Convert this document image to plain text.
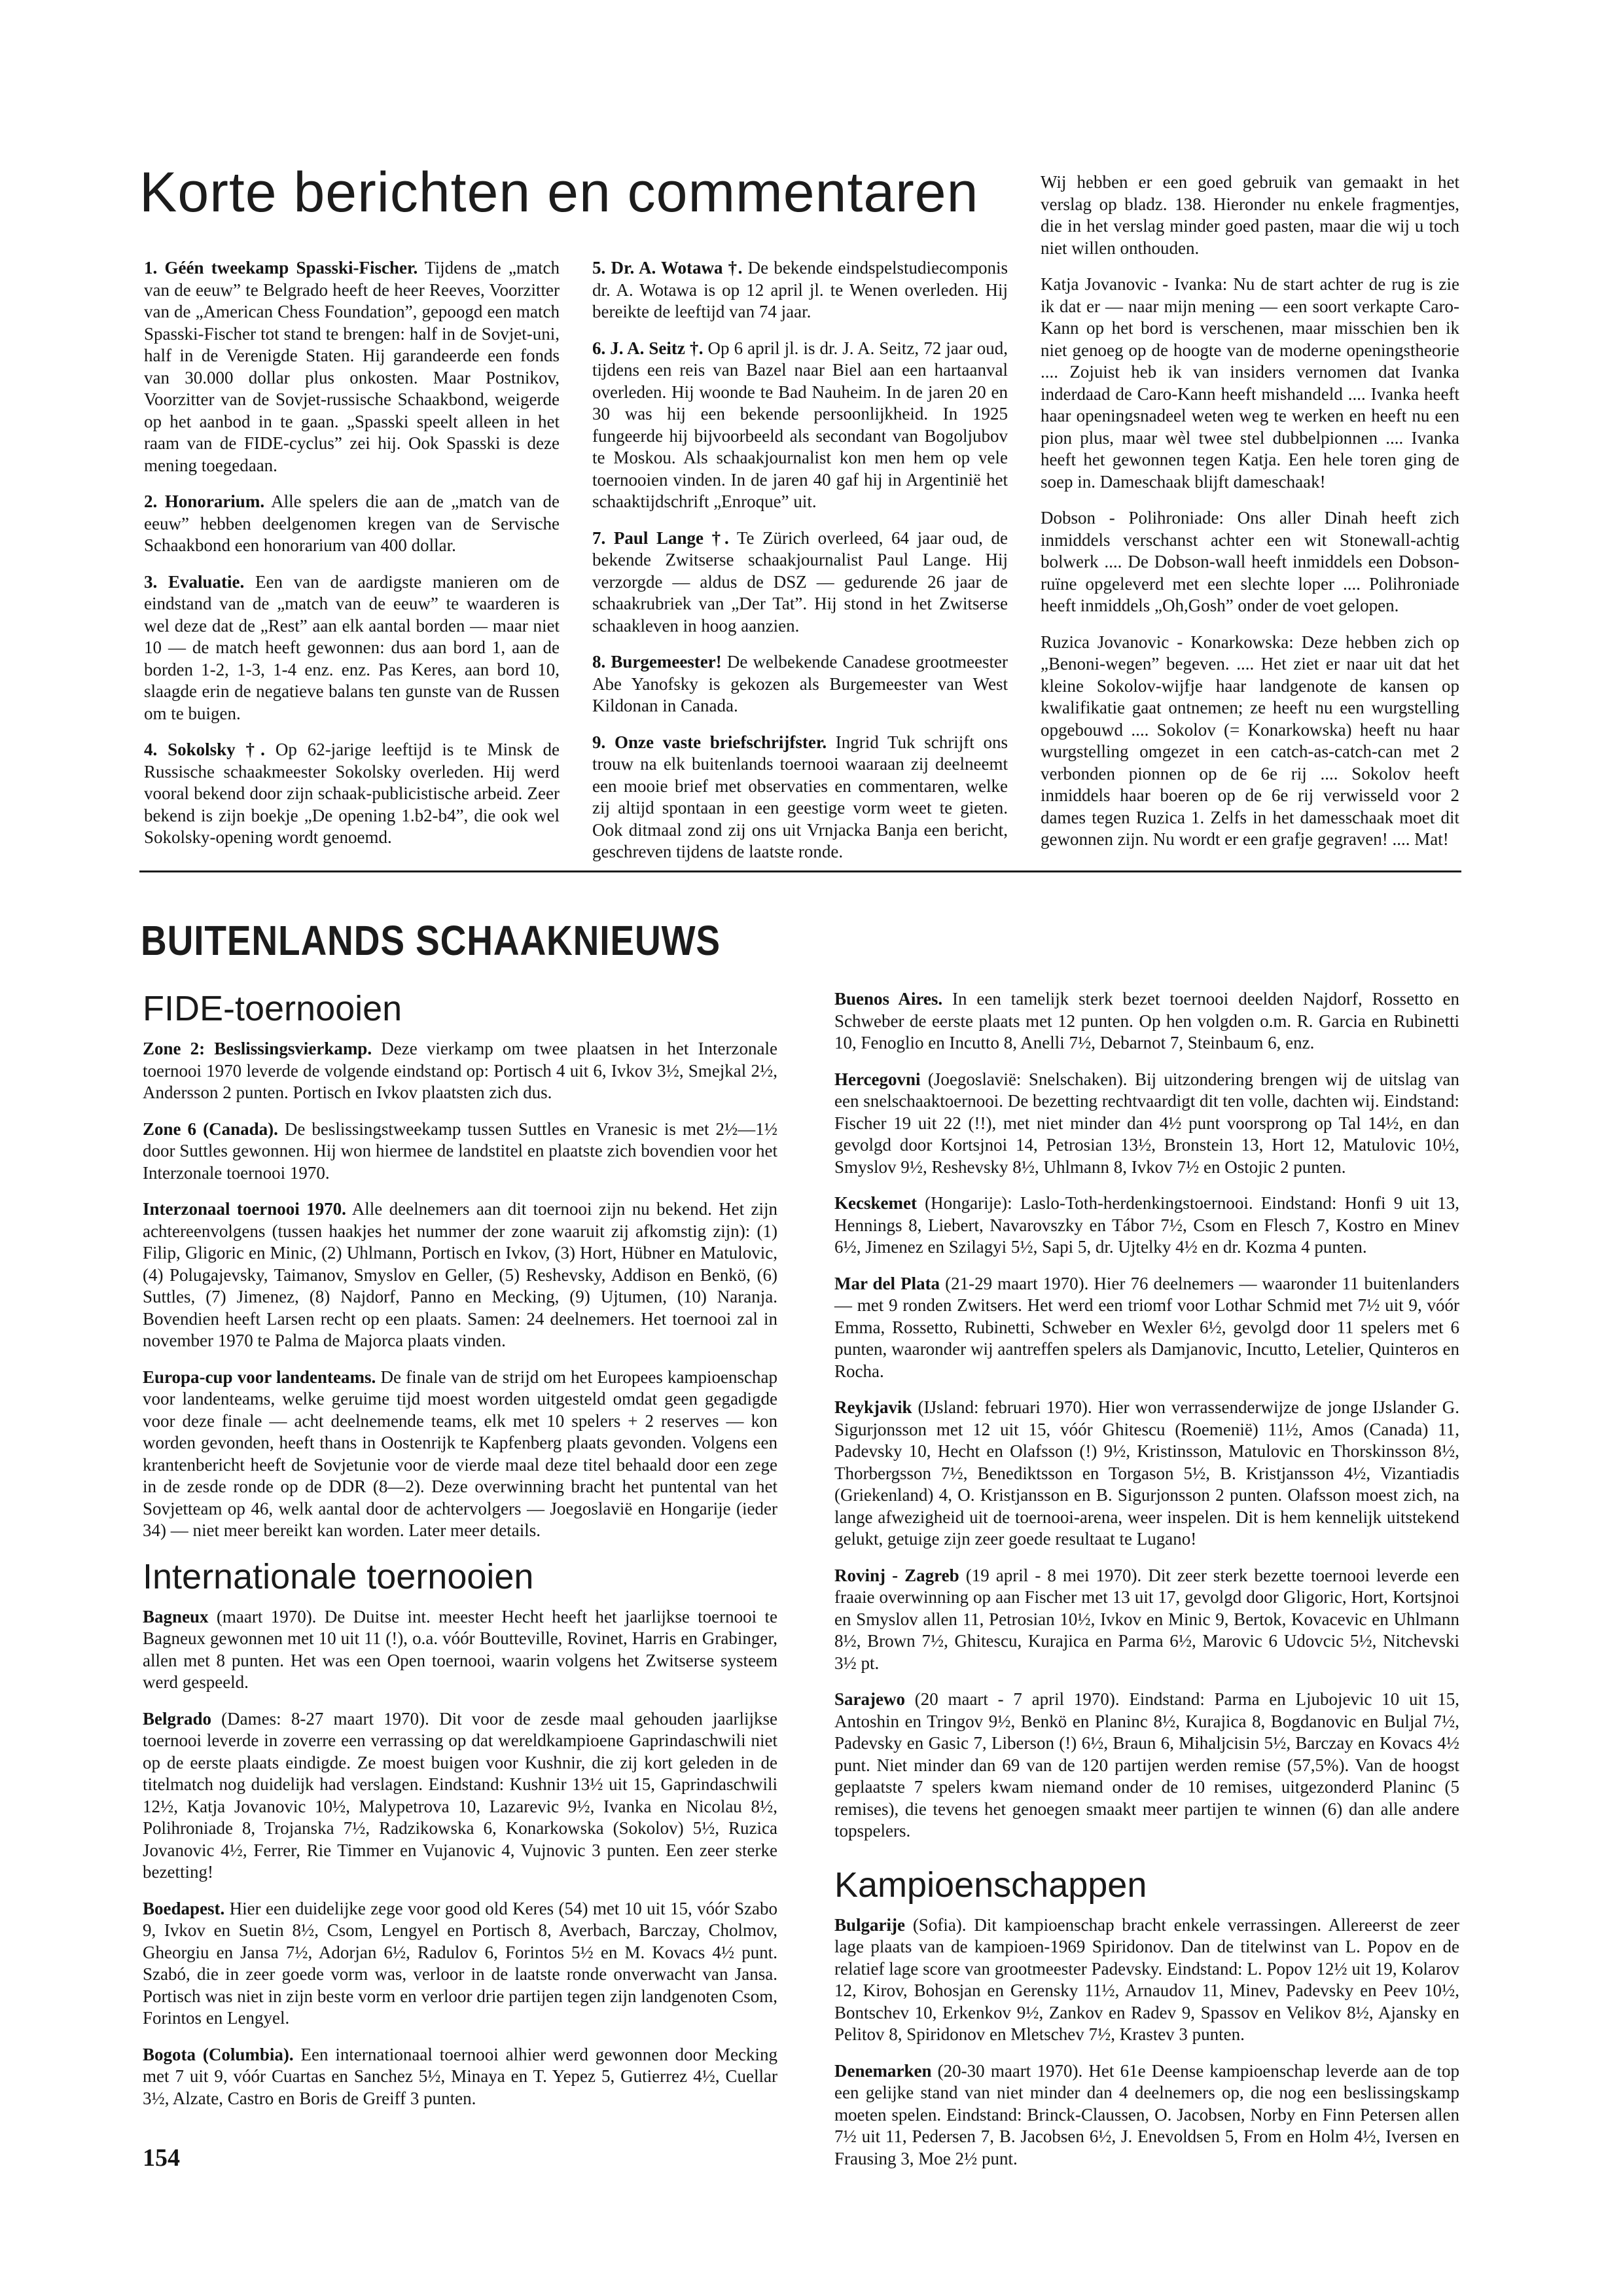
Korte berichten en commentaren

1. Géén tweekamp Spasski-Fischer. Tijdens de „match van de eeuw” te Belgrado heeft de heer Reeves, Voorzitter van de „American Chess Foundation”, gepoogd een match Spasski-Fischer tot stand te brengen: half in de Sovjet-uni, half in de Verenigde Staten. Hij garandeerde een fonds van 30.000 dollar plus onkosten. Maar Postnikov, Voorzitter van de Sovjet-russische Schaakbond, weigerde op het aanbod in te gaan. „Spasski speelt alleen in het raam van de FIDE-cyclus” zei hij. Ook Spasski is deze mening toegedaan.

2. Honorarium. Alle spelers die aan de „match van de eeuw” hebben deelgenomen kregen van de Servische Schaakbond een honorarium van 400 dollar.

3. Evaluatie. Een van de aardigste manieren om de eindstand van de „match van de eeuw” te waarderen is wel deze dat de „Rest” aan elk aantal borden — maar niet 10 — de match heeft gewonnen: dus aan bord 1, aan de borden 1-2, 1-3, 1-4 enz. enz. Pas Keres, aan bord 10, slaagde erin de negatieve balans ten gunste van de Russen om te buigen.

4. Sokolsky †. Op 62-jarige leeftijd is te Minsk de Russische schaakmeester Sokolsky overleden. Hij werd vooral bekend door zijn schaak-publicistische arbeid. Zeer bekend is zijn boekje „De opening 1.b2-b4”, die ook wel Sokolsky-opening wordt genoemd.

5. Dr. A. Wotawa †. De bekende eindspelstudiecomponis dr. A. Wotawa is op 12 april jl. te Wenen overleden. Hij bereikte de leeftijd van 74 jaar.

6. J. A. Seitz †. Op 6 april jl. is dr. J. A. Seitz, 72 jaar oud, tijdens een reis van Bazel naar Biel aan een hartaanval overleden. Hij woonde te Bad Nauheim. In de jaren 20 en 30 was hij een bekende persoonlijkheid. In 1925 fungeerde hij bijvoorbeeld als secondant van Bogoljubov te Moskou. Als schaakjournalist kon men hem op vele toernooien vinden. In de jaren 40 gaf hij in Argentinië het schaaktijdschrift „Enroque” uit.

7. Paul Lange †. Te Zürich overleed, 64 jaar oud, de bekende Zwitserse schaakjournalist Paul Lange. Hij verzorgde — aldus de DSZ — gedurende 26 jaar de schaakrubriek van „Der Tat”. Hij stond in het Zwitserse schaakleven in hoog aanzien.

8. Burgemeester! De welbekende Canadese grootmeester Abe Yanofsky is gekozen als Burgemeester van West Kildonan in Canada.

9. Onze vaste briefschrijfster. Ingrid Tuk schrijft ons trouw na elk buitenlands toernooi waaraan zij deelneemt een mooie brief met observaties en commentaren, welke zij altijd spontaan in een geestige vorm weet te gieten. Ook ditmaal zond zij ons uit Vrnjacka Banja een bericht, geschreven tijdens de laatste ronde.

Wij hebben er een goed gebruik van gemaakt in het verslag op bladz. 138. Hieronder nu enkele fragmentjes, die in het verslag minder goed pasten, maar die wij u toch niet willen onthouden.

Katja Jovanovic - Ivanka: Nu de start achter de rug is zie ik dat er — naar mijn mening — een soort verkapte Caro-Kann op het bord is verschenen, maar misschien ben ik niet genoeg op de hoogte van de moderne openingstheorie .... Zojuist heb ik van insiders vernomen dat Ivanka inderdaad de Caro-Kann heeft mishandeld .... Ivanka heeft haar openingsnadeel weten weg te werken en heeft nu een pion plus, maar wèl twee stel dubbelpionnen .... Ivanka heeft het gewonnen tegen Katja. Een hele toren ging de soep in. Dameschaak blijft dameschaak!

Dobson - Polihroniade: Ons aller Dinah heeft zich inmiddels verschanst achter een wit Stonewall-achtig bolwerk .... De Dobson-wall heeft inmiddels een Dobson-ruïne opgeleverd met een slechte loper .... Polihroniade heeft inmiddels „Oh,Gosh” onder de voet gelopen.

Ruzica Jovanovic - Konarkowska: Deze hebben zich op „Benoni-wegen” begeven. .... Het ziet er naar uit dat het kleine Sokolov-wijfje haar landgenote de kansen op kwalifikatie gaat ontnemen; ze heeft nu een wurgstelling opgebouwd .... Sokolov (= Konarkowska) heeft nu haar wurgstelling omgezet in een catch-as-catch-can met 2 verbonden pionnen op de 6e rij .... Sokolov heeft inmiddels haar boeren op de 6e rij verwisseld voor 2 dames tegen Ruzica 1. Zelfs in het damesschaak moet dit gewonnen zijn. Nu wordt er een grafje gegraven! .... Mat!

BUITENLANDS SCHAAKNIEUWS
FIDE-toernooien

Zone 2: Beslissingsvierkamp. Deze vierkamp om twee plaatsen in het Interzonale toernooi 1970 leverde de volgende eindstand op: Portisch 4 uit 6, Ivkov 3½, Smejkal 2½, Andersson 2 punten. Portisch en Ivkov plaatsten zich dus.

Zone 6 (Canada). De beslissingstweekamp tussen Suttles en Vranesic is met 2½—1½ door Suttles gewonnen. Hij won hiermee de landstitel en plaatste zich bovendien voor het Interzonale toernooi 1970.

Interzonaal toernooi 1970. Alle deelnemers aan dit toernooi zijn nu bekend. Het zijn achtereenvolgens (tussen haakjes het nummer der zone waaruit zij afkomstig zijn): (1) Filip, Gligoric en Minic, (2) Uhlmann, Portisch en Ivkov, (3) Hort, Hübner en Matulovic, (4) Polugajevsky, Taimanov, Smyslov en Geller, (5) Reshevsky, Addison en Benkö, (6) Suttles, (7) Jimenez, (8) Najdorf, Panno en Mecking, (9) Ujtumen, (10) Naranja. Bovendien heeft Larsen recht op een plaats. Samen: 24 deelnemers. Het toernooi zal in november 1970 te Palma de Majorca plaats vinden.

Europa-cup voor landenteams. De finale van de strijd om het Europees kampioenschap voor landenteams, welke geruime tijd moest worden uitgesteld omdat geen gegadigde voor deze finale — acht deelnemende teams, elk met 10 spelers + 2 reserves — kon worden gevonden, heeft thans in Oostenrijk te Kapfenberg plaats gevonden. Volgens een krantenbericht heeft de Sovjetunie voor de vierde maal deze titel behaald door een zege in de zesde ronde op de DDR (8—2). Deze overwinning bracht het puntental van het Sovjetteam op 46, welk aantal door de achtervolgers — Joegoslavië en Hongarije (ieder 34) — niet meer bereikt kan worden. Later meer details.

Internationale toernooien

Bagneux (maart 1970). De Duitse int. meester Hecht heeft het jaarlijkse toernooi te Bagneux gewonnen met 10 uit 11 (!), o.a. vóór Boutteville, Rovinet, Harris en Grabinger, allen met 8 punten. Het was een Open toernooi, waarin volgens het Zwitserse systeem werd gespeeld.

Belgrado (Dames: 8-27 maart 1970). Dit voor de zesde maal gehouden jaarlijkse toernooi leverde in zoverre een verrassing op dat wereldkampioene Gaprindaschwili niet op de eerste plaats eindigde. Ze moest buigen voor Kushnir, die zij kort geleden in de titelmatch nog duidelijk had verslagen. Eindstand: Kushnir 13½ uit 15, Gaprindaschwili 12½, Katja Jovanovic 10½, Malypetrova 10, Lazarevic 9½, Ivanka en Nicolau 8½, Polihroniade 8, Trojanska 7½, Radzikowska 6, Konarkowska (Sokolov) 5½, Ruzica Jovanovic 4½, Ferrer, Rie Timmer en Vujanovic 4, Vujnovic 3 punten. Een zeer sterke bezetting!

Boedapest. Hier een duidelijke zege voor good old Keres (54) met 10 uit 15, vóór Szabo 9, Ivkov en Suetin 8½, Csom, Lengyel en Portisch 8, Averbach, Barczay, Cholmov, Gheorgiu en Jansa 7½, Adorjan 6½, Radulov 6, Forintos 5½ en M. Kovacs 4½ punt. Szabó, die in zeer goede vorm was, verloor in de laatste ronde onverwacht van Jansa. Portisch was niet in zijn beste vorm en verloor drie partijen tegen zijn landgenoten Csom, Forintos en Lengyel.

Bogota (Columbia). Een internationaal toernooi alhier werd gewonnen door Mecking met 7 uit 9, vóór Cuartas en Sanchez 5½, Minaya en T. Yepez 5, Gutierrez 4½, Cuellar 3½, Alzate, Castro en Boris de Greiff 3 punten.

Buenos Aires. In een tamelijk sterk bezet toernooi deelden Najdorf, Rossetto en Schweber de eerste plaats met 12 punten. Op hen volgden o.m. R. Garcia en Rubinetti 10, Fenoglio en Incutto 8, Anelli 7½, Debarnot 7, Steinbaum 6, enz.

Hercegovni (Joegoslavië: Snelschaken). Bij uitzondering brengen wij de uitslag van een snelschaaktoernooi. De bezetting rechtvaardigt dit ten volle, dachten wij. Eindstand: Fischer 19 uit 22 (!!), met niet minder dan 4½ punt voorsprong op Tal 14½, en dan gevolgd door Kortsjnoi 14, Petrosian 13½, Bronstein 13, Hort 12, Matulovic 10½, Smyslov 9½, Reshevsky 8½, Uhlmann 8, Ivkov 7½ en Ostojic 2 punten.

Kecskemet (Hongarije): Laslo-Toth-herdenkingstoernooi. Eindstand: Honfi 9 uit 13, Hennings 8, Liebert, Navarovszky en Tábor 7½, Csom en Flesch 7, Kostro en Minev 6½, Jimenez en Szilagyi 5½, Sapi 5, dr. Ujtelky 4½ en dr. Kozma 4 punten.

Mar del Plata (21-29 maart 1970). Hier 76 deelnemers — waaronder 11 buitenlanders — met 9 ronden Zwitsers. Het werd een triomf voor Lothar Schmid met 7½ uit 9, vóór Emma, Rossetto, Rubinetti, Schweber en Wexler 6½, gevolgd door 11 spelers met 6 punten, waaronder wij aantreffen spelers als Damjanovic, Incutto, Letelier, Quinteros en Rocha.

Reykjavik (IJsland: februari 1970). Hier won verrassenderwijze de jonge IJslander G. Sigurjonsson met 12 uit 15, vóór Ghitescu (Roemenië) 11½, Amos (Canada) 11, Padevsky 10, Hecht en Olafsson (!) 9½, Kristinsson, Matulovic en Thorskinsson 8½, Thorbergsson 7½, Benediktsson en Torgason 5½, B. Kristjansson 4½, Vizantiadis (Griekenland) 4, O. Kristjansson en B. Sigurjonsson 2 punten. Olafsson moest zich, na lange afwezigheid uit de toernooi-arena, weer inspelen. Dit is hem kennelijk uitstekend gelukt, getuige zijn zeer goede resultaat te Lugano!

Rovinj - Zagreb (19 april - 8 mei 1970). Dit zeer sterk bezette toernooi leverde een fraaie overwinning op aan Fischer met 13 uit 17, gevolgd door Gligoric, Hort, Kortsjnoi en Smyslov allen 11, Petrosian 10½, Ivkov en Minic 9, Bertok, Kovacevic en Uhlmann 8½, Brown 7½, Ghitescu, Kurajica en Parma 6½, Marovic 6 Udovcic 5½, Nitchevski 3½ pt.

Sarajewo (20 maart - 7 april 1970). Eindstand: Parma en Ljubojevic 10 uit 15, Antoshin en Tringov 9½, Benkö en Planinc 8½, Kurajica 8, Bogdanovic en Buljal 7½, Padevsky en Gasic 7, Liberson (!) 6½, Braun 6, Mihaljcisin 5½, Barczay en Kovacs 4½ punt. Niet minder dan 69 van de 120 partijen werden remise (57,5%). Van de hoogst geplaatste 7 spelers kwam niemand onder de 10 remises, uitgezonderd Planinc (5 remises), die tevens het genoegen smaakt meer partijen te winnen (6) dan alle andere topspelers.

Kampioenschappen

Bulgarije (Sofia). Dit kampioenschap bracht enkele verrassingen. Allereerst de zeer lage plaats van de kampioen-1969 Spiridonov. Dan de titelwinst van L. Popov en de relatief lage score van grootmeester Padevsky. Eindstand: L. Popov 12½ uit 19, Kolarov 12, Kirov, Bohosjan en Gerensky 11½, Arnaudov 11, Minev, Padevsky en Peev 10½, Bontschev 10, Erkenkov 9½, Zankov en Radev 9, Spassov en Velikov 8½, Ajansky en Pelitov 8, Spiridonov en Mletschev 7½, Krastev 3 punten.

Denemarken (20-30 maart 1970). Het 61e Deense kampioenschap leverde aan de top een gelijke stand van niet minder dan 4 deelnemers op, die nog een beslissingskamp moeten spelen. Eindstand: Brinck-Claussen, O. Jacobsen, Norby en Finn Petersen allen 7½ uit 11, Pedersen 7, B. Jacobsen 6½, J. Enevoldsen 5, From en Holm 4½, Iversen en Frausing 3, Moe 2½ punt.

154
